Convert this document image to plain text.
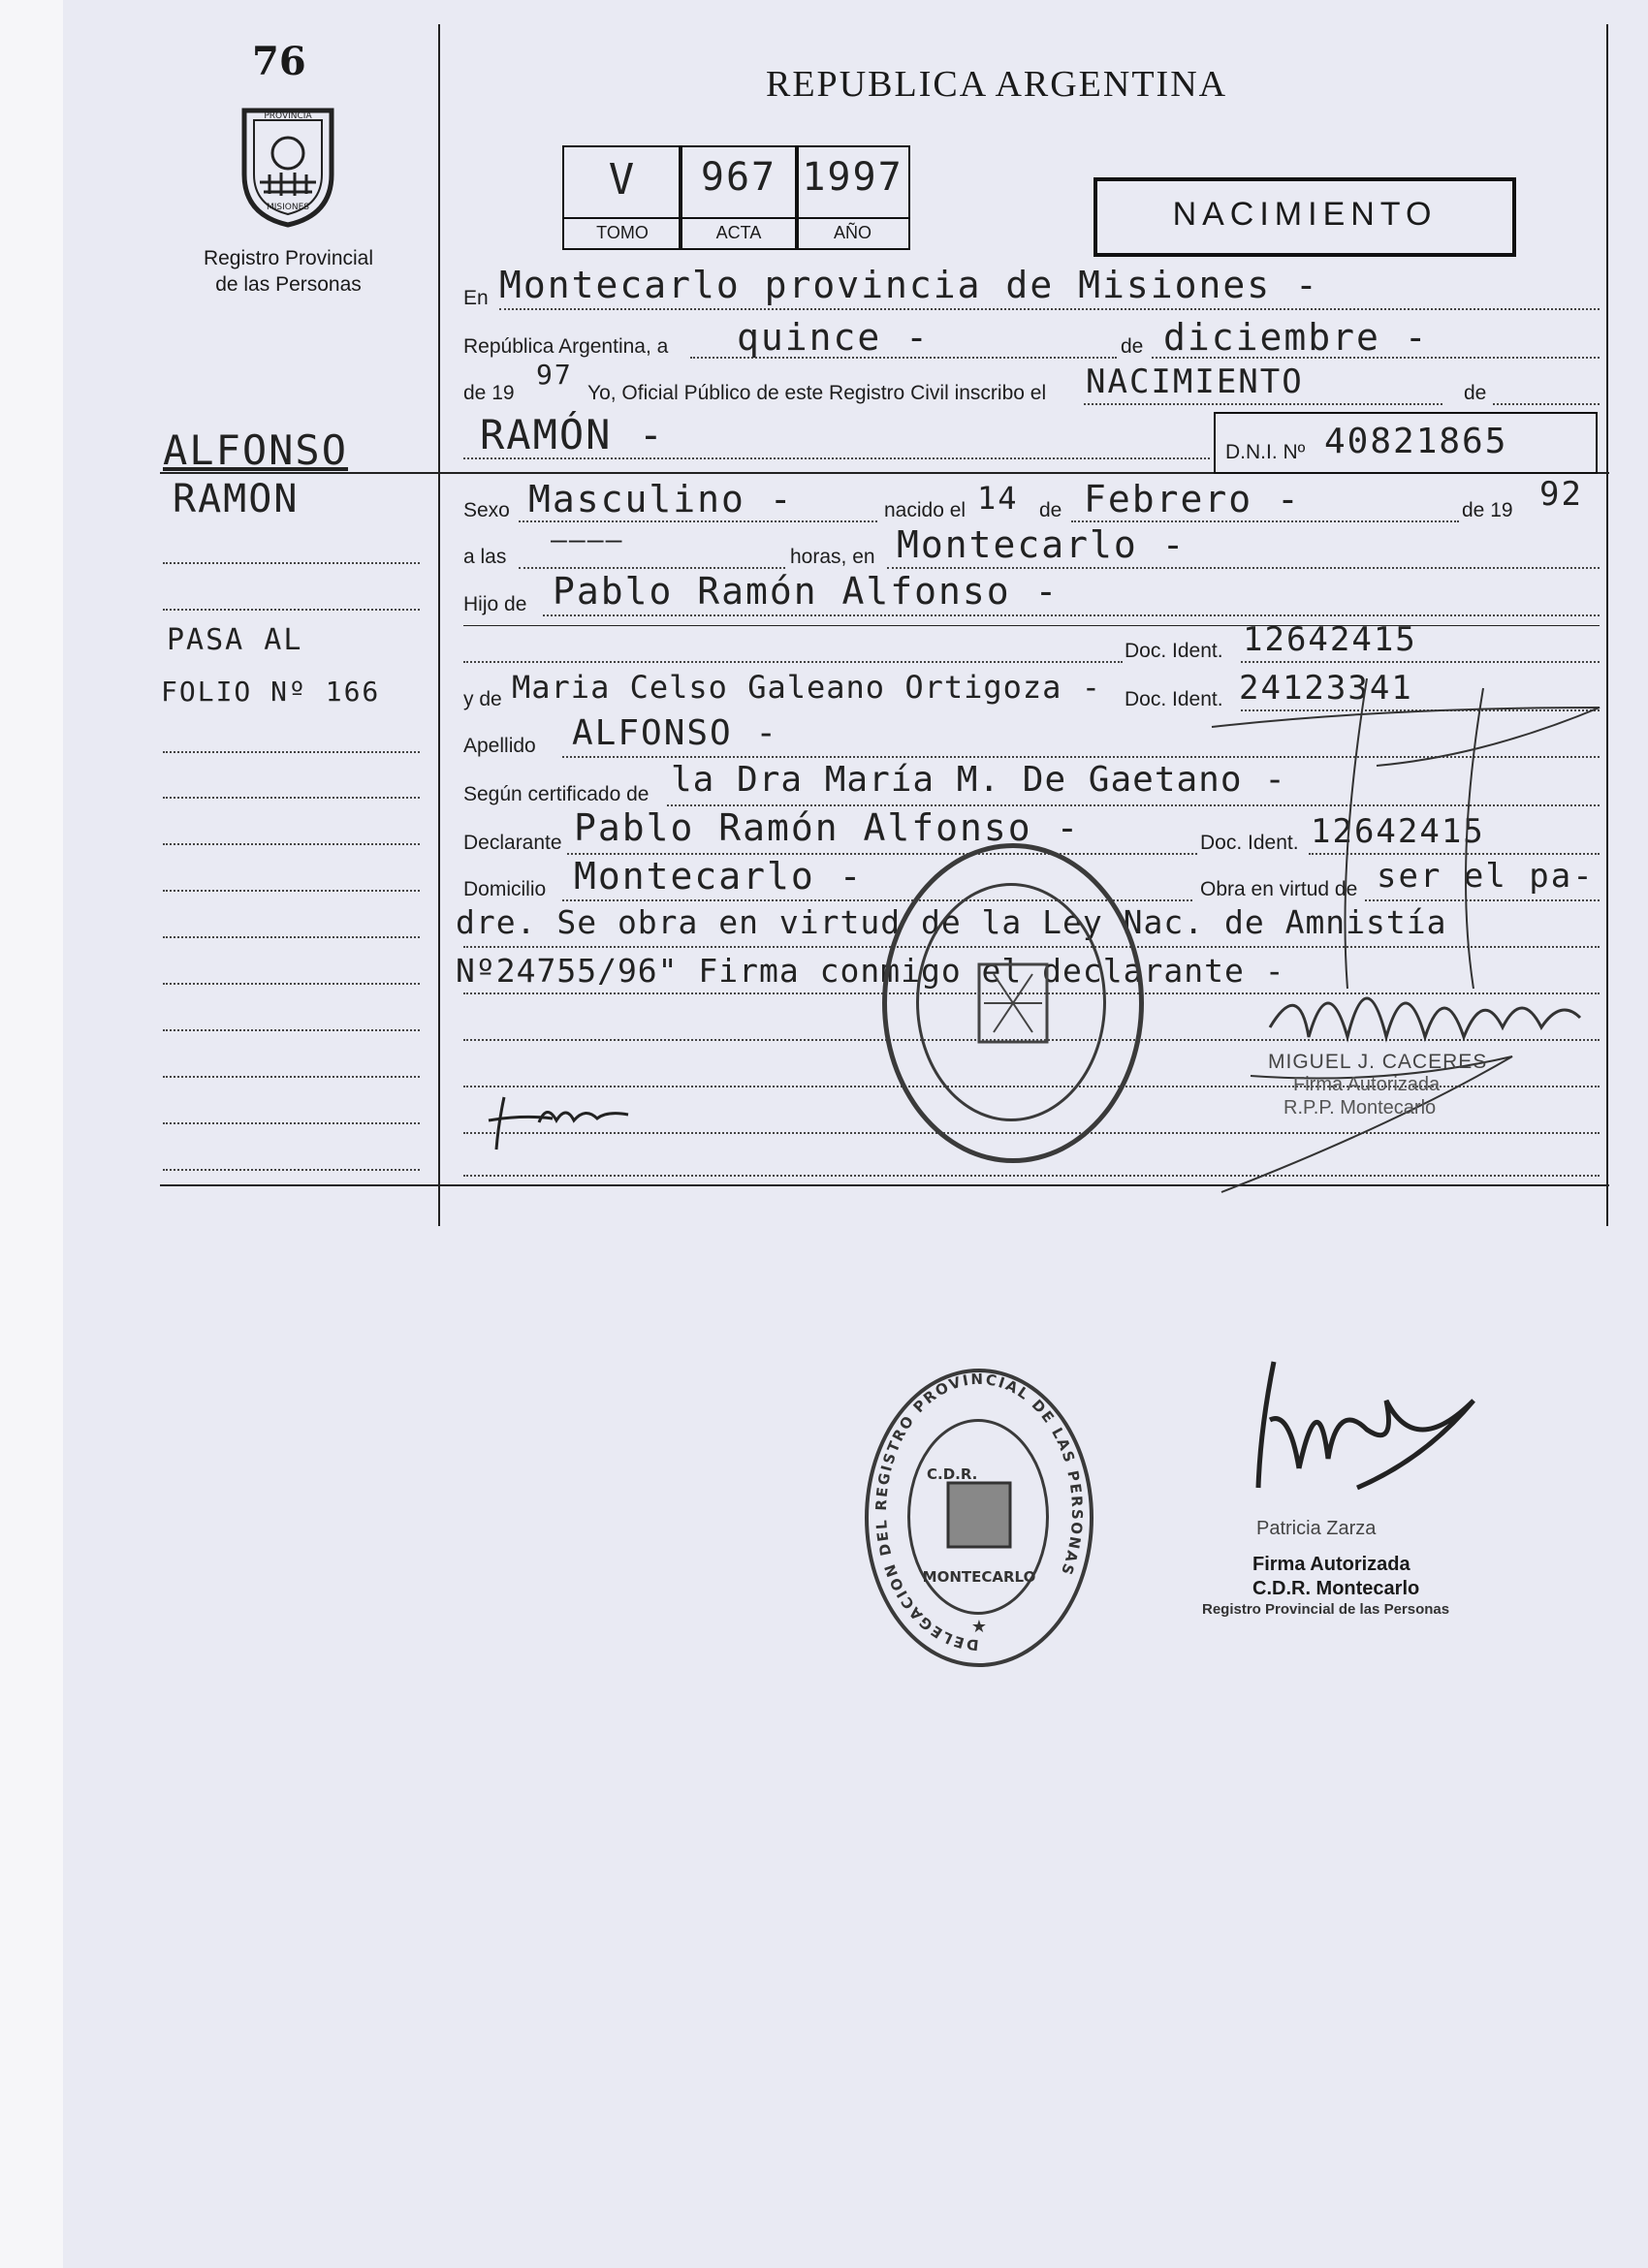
76
PROVINCIA
MISIONES
Registro Provincial
de las Personas
REPUBLICA ARGENTINA
V	967 1997
TOMO	ACTA	AÑO	NACIMIENTO
ALFONSO
RAMON
PASA AL
FOLIO Nº 166
En Montecarlo provincia de Misiones -
República Argentina, a quince -	de diciembre -
de 19
97
Yo, Oficial Público de este Registro Civil inscribo el NACIMIENTO	de
RAMÓN -	D.N.I. Nº 40821865
Sexo Masculino -	nacido el 14 de Febrero -	de 19 92
a las
————
horas, en Montecarlo -
Hijo de Pablo Ramón Alfonso -
Doc. Ident. 12642415
y de Maria Celso Galeano Ortigoza - Doc. Ident. 24123341
Apellido ALFONSO -
Según certificado de la Dra María M. De Gaetano -
Declarante Pablo Ramón Alfonso -	Doc. Ident. 12642415
Domicilio Montecarlo -	Obra en virtud de ser el pa-
dre. Se obra en virtud de la Ley Nac. de Amnistía
Nº24755/96" Firma conmigo el declarante -
MIGUEL J. CACERES
Firma Autorizada
R.P.P. Montecarlo
DELEGACION DEL REGISTRO PROVINCIAL DE LAS PERSONAS
C.D.R.
MONTECARLO
★
Patricia Zarza
Firma Autorizada
C.D.R. Montecarlo
Registro Provincial de las Personas
